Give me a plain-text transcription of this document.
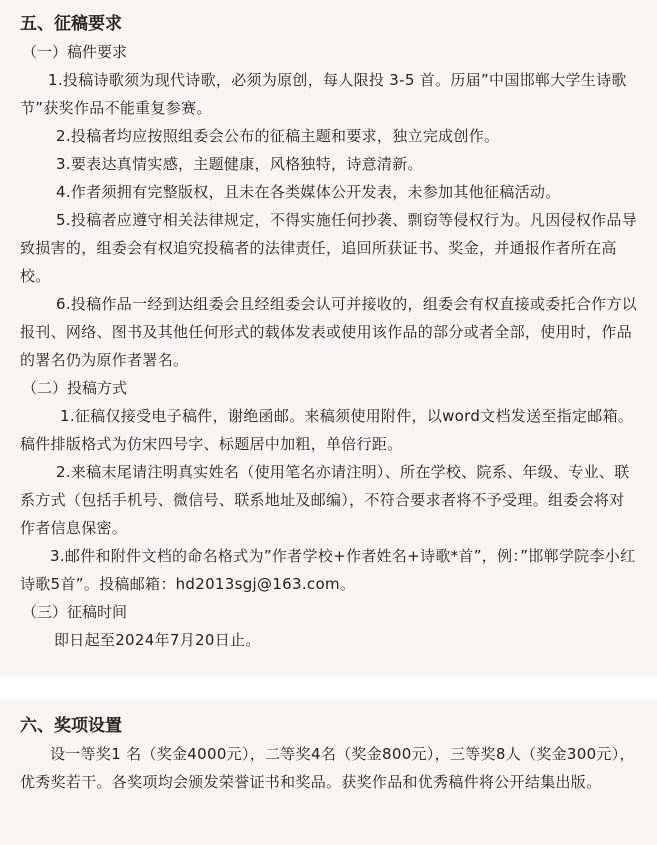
五、征稿要求

（一）稿件要求

1.投稿诗歌须为现代诗歌，必须为原创，每人限投 3-5 首。历届”中国邯郸大学生诗歌节”获奖作品不能重复参赛。

2.投稿者均应按照组委会公布的征稿主题和要求，独立完成创作。

3.要表达真情实感，主题健康，风格独特，诗意清新。

4.作者须拥有完整版权，且未在各类媒体公开发表，未参加其他征稿活动。

5.投稿者应遵守相关法律规定，不得实施任何抄袭、剽窃等侵权行为。凡因侵权作品导致损害的，组委会有权追究投稿者的法律责任，追回所获证书、奖金，并通报作者所在高校。

6.投稿作品一经到达组委会且经组委会认可并接收的，组委会有权直接或委托合作方以报刊、网络、图书及其他任何形式的载体发表或使用该作品的部分或者全部，使用时，作品的署名仍为原作者署名。

（二）投稿方式

1.征稿仅接受电子稿件，谢绝函邮。来稿须使用附件，以word文档发送至指定邮箱。稿件排版格式为仿宋四号字、标题居中加粗，单倍行距。

2.来稿末尾请注明真实姓名（使用笔名亦请注明）、所在学校、院系、年级、专业、联系方式（包括手机号、微信号、联系地址及邮编），不符合要求者将不予受理。组委会将对作者信息保密。

3.邮件和附件文档的命名格式为”作者学校+作者姓名+诗歌*首”，例：”邯郸学院李小红诗歌5首”。投稿邮箱：hd2013sgj@163.com。

（三）征稿时间

即日起至2024年7月20日止。

六、奖项设置

设一等奖1 名（奖金4000元），二等奖4名（奖金800元），三等奖8人（奖金300元），优秀奖若干。各奖项均会颁发荣誉证书和奖品。获奖作品和优秀稿件将公开结集出版。
